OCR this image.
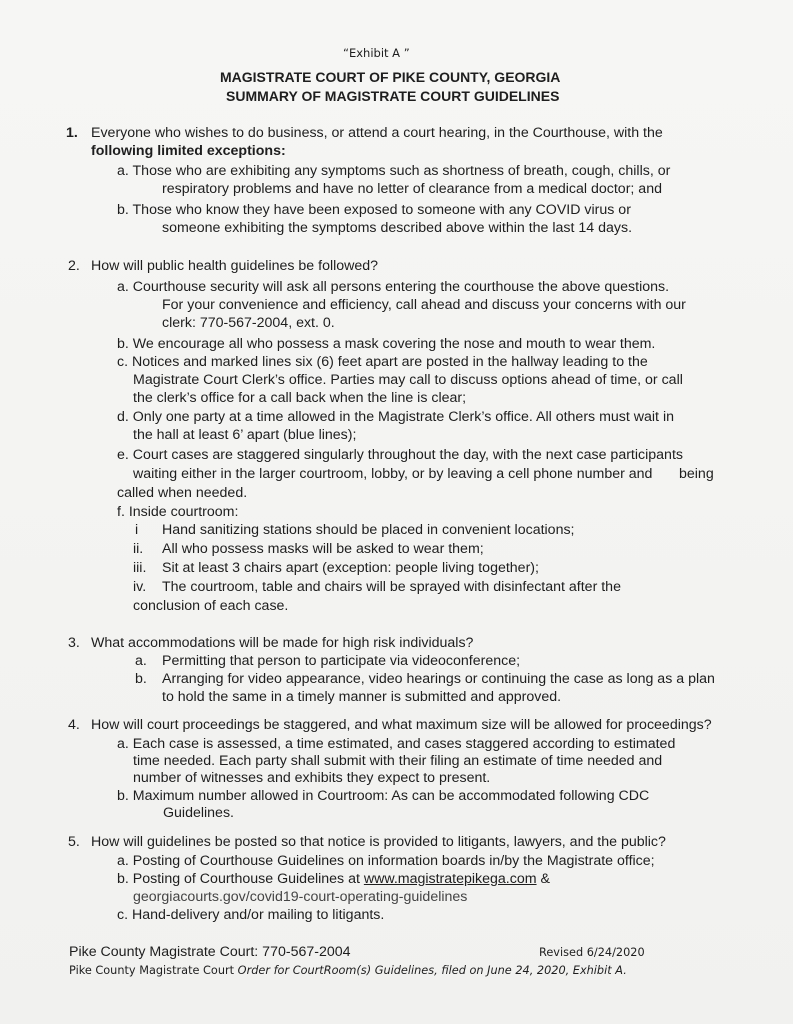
“Exhibit A ”
MAGISTRATE COURT OF PIKE COUNTY, GEORGIA
SUMMARY OF MAGISTRATE COURT GUIDELINES
1. Everyone who wishes to do business, or attend a court hearing, in the Courthouse, with the
following limited exceptions:
a. Those who are exhibiting any symptoms such as shortness of breath, cough, chills, or
respiratory problems and have no letter of clearance from a medical doctor; and
b. Those who know they have been exposed to someone with any COVID virus or
someone exhibiting the symptoms described above within the last 14 days.
2. How will public health guidelines be followed?
a. Courthouse security will ask all persons entering the courthouse the above questions.
For your convenience and efficiency, call ahead and discuss your concerns with our
clerk: 770-567-2004, ext. 0.
b. We encourage all who possess a mask covering the nose and mouth to wear them.
c. Notices and marked lines six (6) feet apart are posted in the hallway leading to the
Magistrate Court Clerk’s office. Parties may call to discuss options ahead of time, or call
the clerk’s office for a call back when the line is clear;
d. Only one party at a time allowed in the Magistrate Clerk’s office. All others must wait in
the hall at least 6’ apart (blue lines);
e. Court cases are staggered singularly throughout the day, with the next case participants
waiting either in the larger courtroom, lobby, or by leaving a cell phone number and being
called when needed.
f. Inside courtroom:
i Hand sanitizing stations should be placed in convenient locations;
ii. All who possess masks will be asked to wear them;
iii. Sit at least 3 chairs apart (exception: people living together);
iv. The courtroom, table and chairs will be sprayed with disinfectant after the
conclusion of each case.
3. What accommodations will be made for high risk individuals?
a. Permitting that person to participate via videoconference;
b. Arranging for video appearance, video hearings or continuing the case as long as a plan
to hold the same in a timely manner is submitted and approved.
4. How will court proceedings be staggered, and what maximum size will be allowed for proceedings?
a. Each case is assessed, a time estimated, and cases staggered according to estimated
time needed. Each party shall submit with their filing an estimate of time needed and
number of witnesses and exhibits they expect to present.
b. Maximum number allowed in Courtroom: As can be accommodated following CDC
Guidelines.
5. How will guidelines be posted so that notice is provided to litigants, lawyers, and the public?
a. Posting of Courthouse Guidelines on information boards in/by the Magistrate office;
b. Posting of Courthouse Guidelines at www.magistratepikega.com &
georgiacourts.gov/covid19-court-operating-guidelines
c. Hand-delivery and/or mailing to litigants.
Pike County Magistrate Court: 770-567-2004	Revised 6/24/2020
Pike County Magistrate Court Order for CourtRoom(s) Guidelines, filed on June 24, 2020, Exhibit A.
